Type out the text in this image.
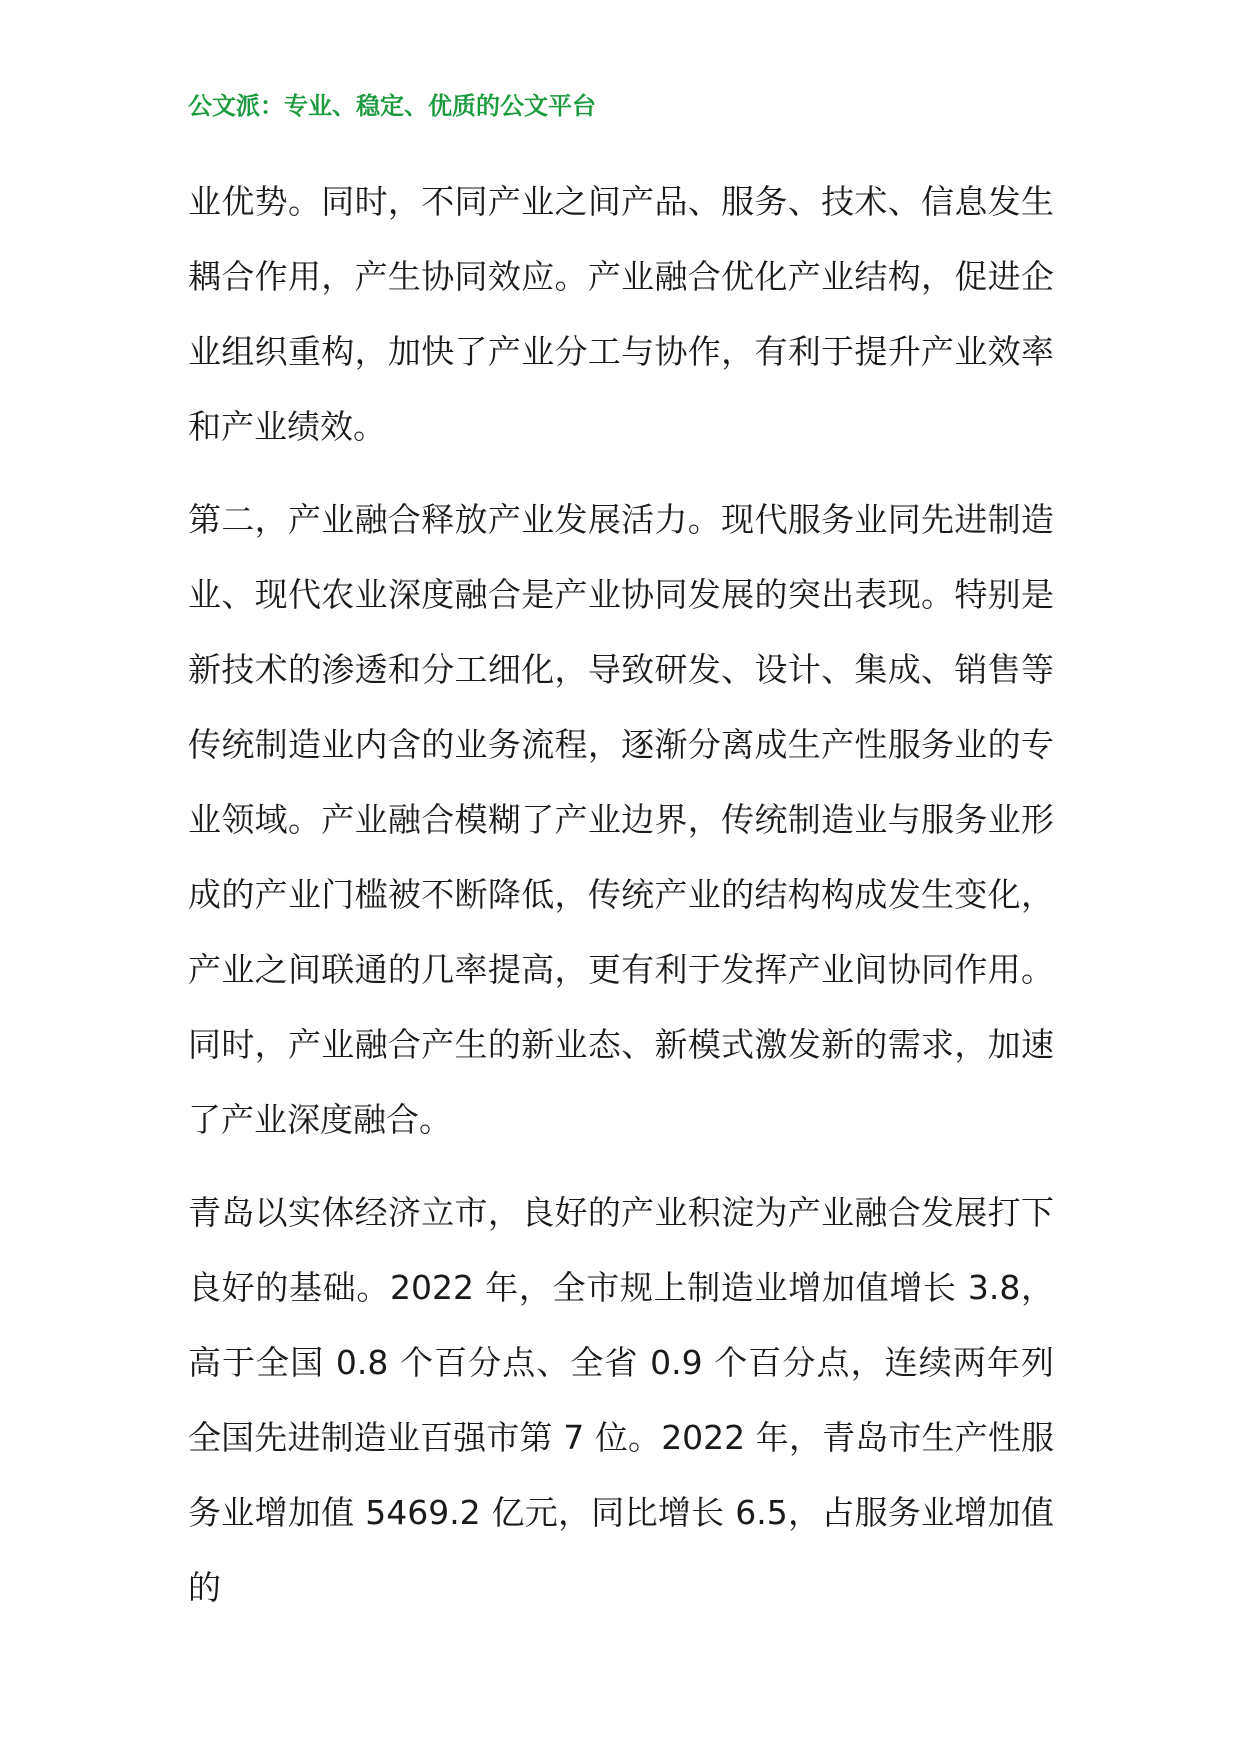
公文派：专业、稳定、优质的公文平台

业优势。同时，不同产业之间产品、服务、技术、信息发生耦合作用，产生协同效应。产业融合优化产业结构，促进企业组织重构，加快了产业分工与协作，有利于提升产业效率和产业绩效。

第二，产业融合释放产业发展活力。现代服务业同先进制造业、现代农业深度融合是产业协同发展的突出表现。特别是新技术的渗透和分工细化，导致研发、设计、集成、销售等传统制造业内含的业务流程，逐渐分离成生产性服务业的专业领域。产业融合模糊了产业边界，传统制造业与服务业形成的产业门槛被不断降低，传统产业的结构构成发生变化，产业之间联通的几率提高，更有利于发挥产业间协同作用。同时，产业融合产生的新业态、新模式激发新的需求，加速了产业深度融合。

青岛以实体经济立市，良好的产业积淀为产业融合发展打下良好的基础。2022 年，全市规上制造业增加值增长 3.8，高于全国 0.8 个百分点、全省 0.9 个百分点，连续两年列全国先进制造业百强市第 7 位。2022 年，青岛市生产性服务业增加值 5469.2 亿元，同比增长 6.5，占服务业增加值的
